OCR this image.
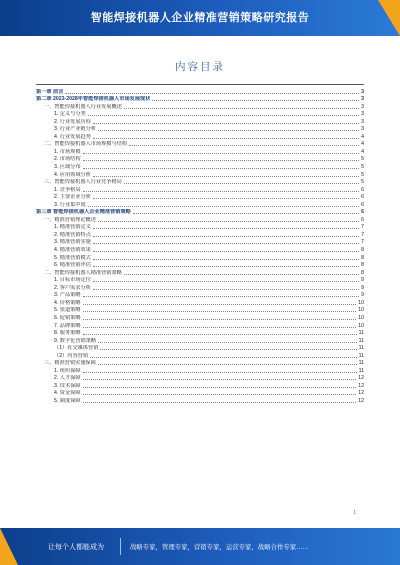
智能焊接机器人企业精准营销策略研究报告
内容目录
第一章 前言	3
第二章 2023-2028年智能焊接机器人市场发展现状	3
一、智能焊接机器人行业发展概述	3
1. 定义与分类	3
2. 行业发展历程	3
3. 行业产业链分析	3
4. 行业发展趋势	4
二、智能焊接机器人市场规模与结构	4
1. 市场规模	4
2. 市场结构	5
3. 区域分布	5
4. 应用领域分析	5
三、智能焊接机器人行业竞争格局	5
1. 竞争格局	6
2. 主要企业分析	6
3. 行业集中度	6
第三章 智能焊接机器人企业精准营销策略	6
一、精准营销理论概述	6
1. 精准营销定义	7
2. 精准营销特点	7
3. 精准营销实施	7
4. 精准营销效果	8
5. 精准营销模式	8
6. 精准营销评估	8
二、智能焊接机器人精准营销策略	8
1. 目标市场定位	9
2. 客户需求分析	9
3. 产品策略	9
4. 价格策略	10
5. 渠道策略	10
6. 促销策略	10
7. 品牌策略	10
8. 服务策略	11
9. 数字化营销策略	11
（1）社交媒体营销	11
（2）内容营销	11
三、精准营销实施保障	11
1. 组织保障	11
2. 人才保障	12
3. 技术保障	12
4. 资金保障	12
5. 制度保障	12
1
让每个人都能成为	战略专家，管理专家，营销专家，运营专家，战略合作专家……
